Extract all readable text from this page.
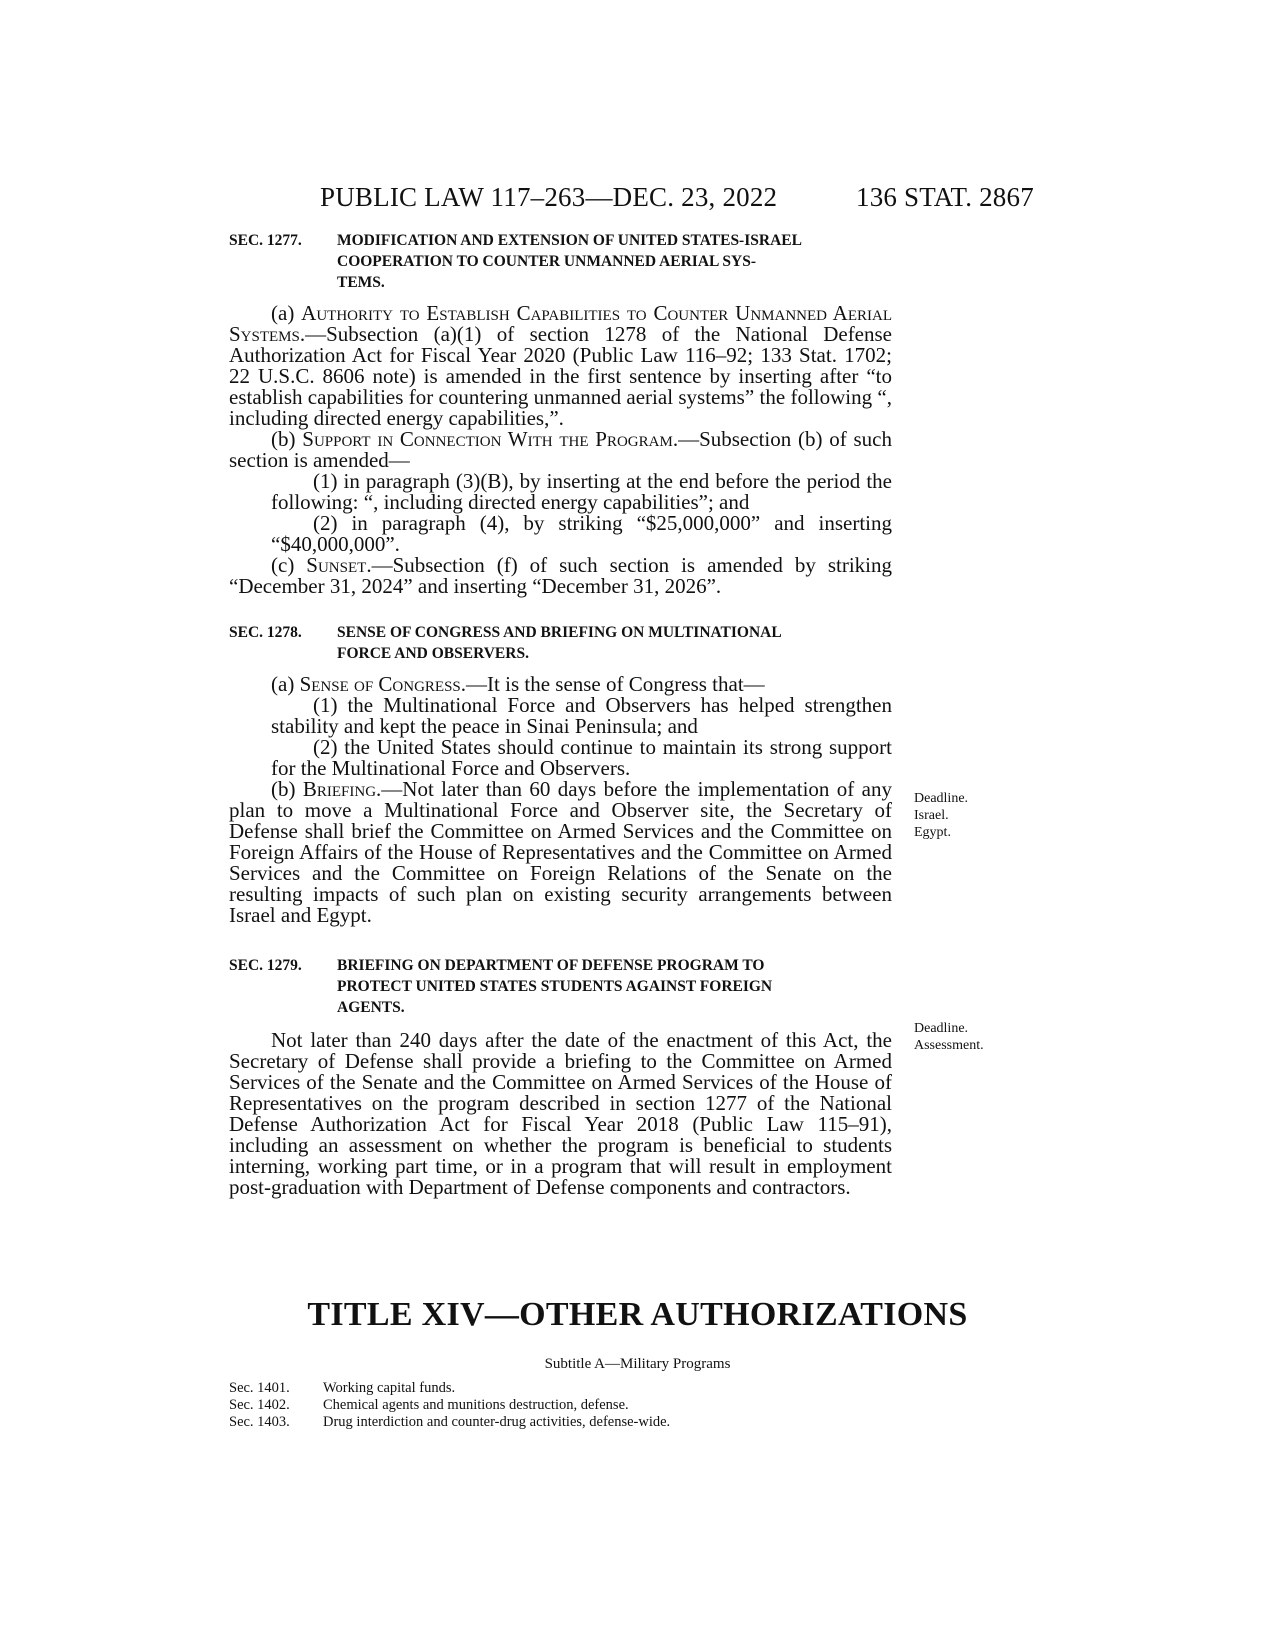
PUBLIC LAW 117–263—DEC. 23, 2022	136 STAT. 2867

SEC. 1277. MODIFICATION AND EXTENSION OF UNITED STATES-ISRAEL
COOPERATION TO COUNTER UNMANNED AERIAL SYS-
TEMS.

(a) Authority to Establish Capabilities to Counter Unmanned Aerial Systems.—Subsection (a)(1) of section 1278 of the National Defense Authorization Act for Fiscal Year 2020 (Public Law 116–92; 133 Stat. 1702; 22 U.S.C. 8606 note) is amended in the first sentence by inserting after “to establish capabilities for countering unmanned aerial systems” the following “, including directed energy capabilities,”.

(b) Support in Connection With the Program.—Subsection (b) of such section is amended—

(1) in paragraph (3)(B), by inserting at the end before the period the following: “, including directed energy capabilities”; and

(2) in paragraph (4), by striking “$25,000,000” and inserting “$40,000,000”.

(c) Sunset.—Subsection (f) of such section is amended by striking “December 31, 2024” and inserting “December 31, 2026”.

SEC. 1278. SENSE OF CONGRESS AND BRIEFING ON MULTINATIONAL
FORCE AND OBSERVERS.

(a) Sense of Congress.—It is the sense of Congress that—

(1) the Multinational Force and Observers has helped strengthen stability and kept the peace in Sinai Peninsula; and

(2) the United States should continue to maintain its strong support for the Multinational Force and Observers.

(b) Briefing.—Not later than 60 days before the implementation of any plan to move a Multinational Force and Observer site, the Secretary of Defense shall brief the Committee on Armed Services and the Committee on Foreign Affairs of the House of Representatives and the Committee on Armed Services and the Committee on Foreign Relations of the Senate on the resulting impacts of such plan on existing security arrangements between Israel and Egypt.

Deadline.
Israel.
Egypt.

SEC. 1279. BRIEFING ON DEPARTMENT OF DEFENSE PROGRAM TO
PROTECT UNITED STATES STUDENTS AGAINST FOREIGN
AGENTS.

Not later than 240 days after the date of the enactment of this Act, the Secretary of Defense shall provide a briefing to the Committee on Armed Services of the Senate and the Committee on Armed Services of the House of Representatives on the program described in section 1277 of the National Defense Authorization Act for Fiscal Year 2018 (Public Law 115–91), including an assessment on whether the program is beneficial to students interning, working part time, or in a program that will result in employment post-graduation with Department of Defense components and contractors.

Deadline.
Assessment.
TITLE XIV—OTHER AUTHORIZATIONS
Subtitle A—Military Programs
Sec. 1401. Working capital funds.
Sec. 1402. Chemical agents and munitions destruction, defense.
Sec. 1403. Drug interdiction and counter-drug activities, defense-wide.
